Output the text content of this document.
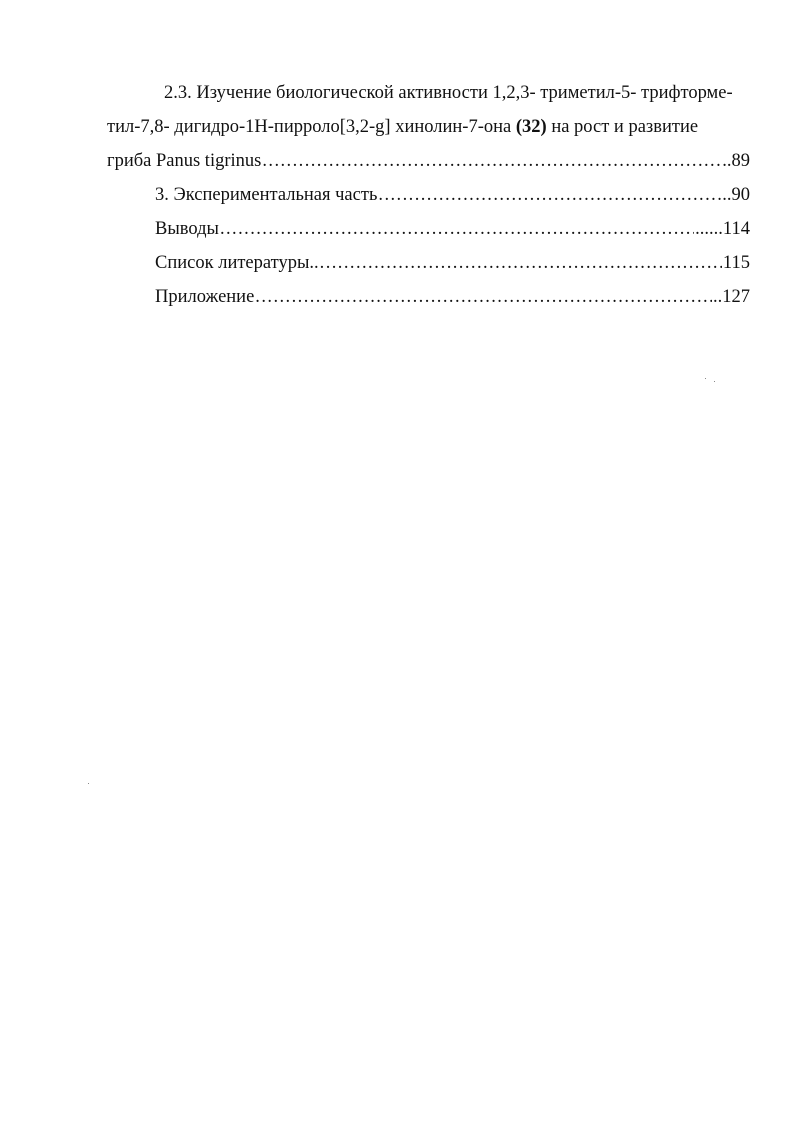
2.3. Изучение биологической активности 1,2,3- триметил-5- трифторме-
тил-7,8- дигидро-1Н-пирроло[3,2-g] хинолин-7-она (32) на рост и развитие
гриба Panus tigrinus . . .	..89
3. Экспериментальная часть . . .	..90
Выводы . . .	......114
Список литературы.. . . .	115
Приложение . . .	..127
